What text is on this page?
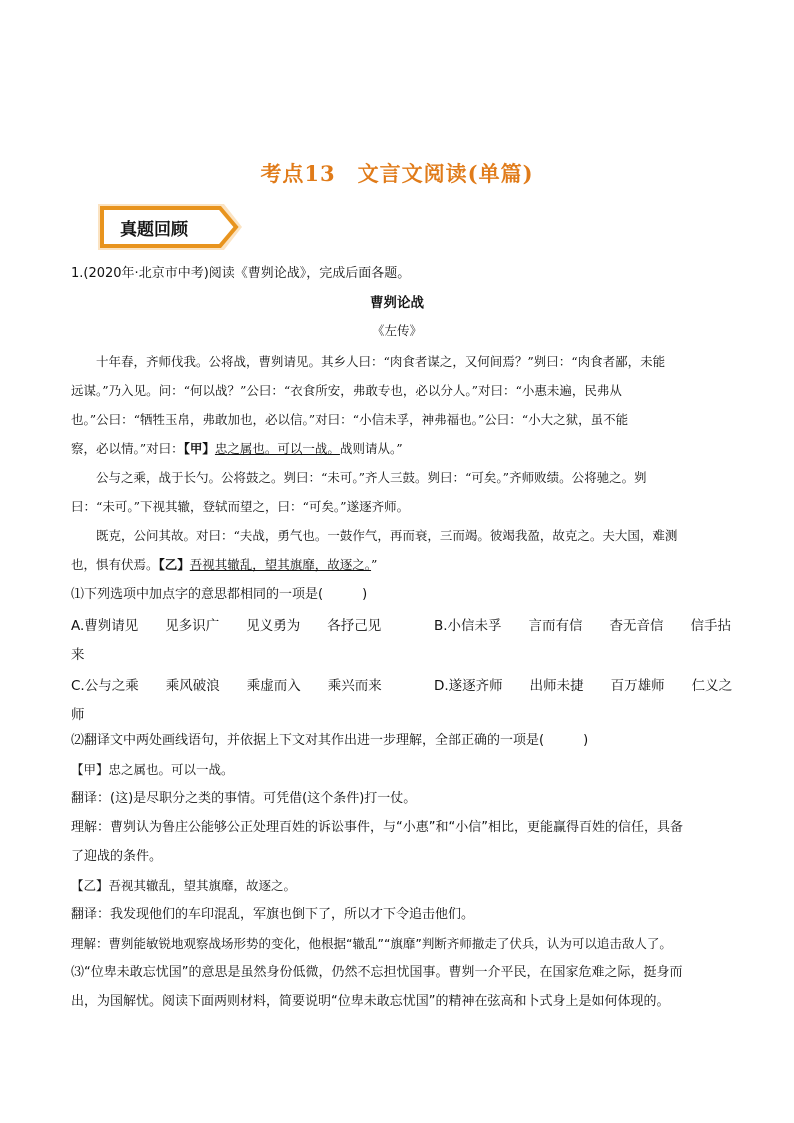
考点13　文言文阅读(单篇)
真题回顾
1.(2020年·北京市中考)阅读《曹刿论战》，完成后面各题。
曹刿论战
《左传》
　　十年春，齐师伐我。公将战，曹刿请见。其乡人曰：“肉食者谋之，又何间焉？”刿曰：“肉食者鄙，未能
远谋。”乃入见。问：“何以战？”公曰：“衣食所安，弗敢专也，必以分人。”对曰：“小惠未遍，民弗从
也。”公曰：“牺牲玉帛，弗敢加也，必以信。”对曰：“小信未孚，神弗福也。”公曰：“小大之狱，虽不能
察，必以情。”对曰：【甲】忠之属也。可以一战。战则请从。”
　　公与之乘，战于长勺。公将鼓之。刿曰：“未可。”齐人三鼓。刿曰：“可矣。”齐师败绩。公将驰之。刿
曰：“未可。”下视其辙，登轼而望之，曰：“可矣。”遂逐齐师。
　　既克，公问其故。对曰：“夫战，勇气也。一鼓作气，再而衰，三而竭。彼竭我盈，故克之。夫大国，难测
也，惧有伏焉。【乙】吾视其辙乱，望其旗靡，故逐之。”
⑴下列选项中加点字的意思都相同的一项是(　　　)
A.曹刿请见　　见多识广　　见义勇为　　各抒己见	B.小信未孚　　言而有信　　杳无音信　　信手拈
来
C.公与之乘　　乘风破浪　　乘虚而入　　乘兴而来	D.遂逐齐师　　出师未捷　　百万雄师　　仁义之
师
⑵翻译文中两处画线语句，并依据上下文对其作出进一步理解，全部正确的一项是(　　　)
【甲】忠之属也。可以一战。
翻译：(这)是尽职分之类的事情。可凭借(这个条件)打一仗。
理解：曹刿认为鲁庄公能够公正处理百姓的诉讼事件，与“小惠”和“小信”相比，更能赢得百姓的信任，具备
了迎战的条件。
【乙】吾视其辙乱，望其旗靡，故逐之。
翻译：我发现他们的车印混乱，军旗也倒下了，所以才下令追击他们。
理解：曹刿能敏锐地观察战场形势的变化，他根据“辙乱”“旗靡”判断齐师撤走了伏兵，认为可以追击敌人了。
⑶“位卑未敢忘忧国”的意思是虽然身份低微，仍然不忘担忧国事。曹刿一介平民，在国家危难之际，挺身而
出，为国解忧。阅读下面两则材料，简要说明“位卑未敢忘忧国”的精神在弦高和卜式身上是如何体现的。
